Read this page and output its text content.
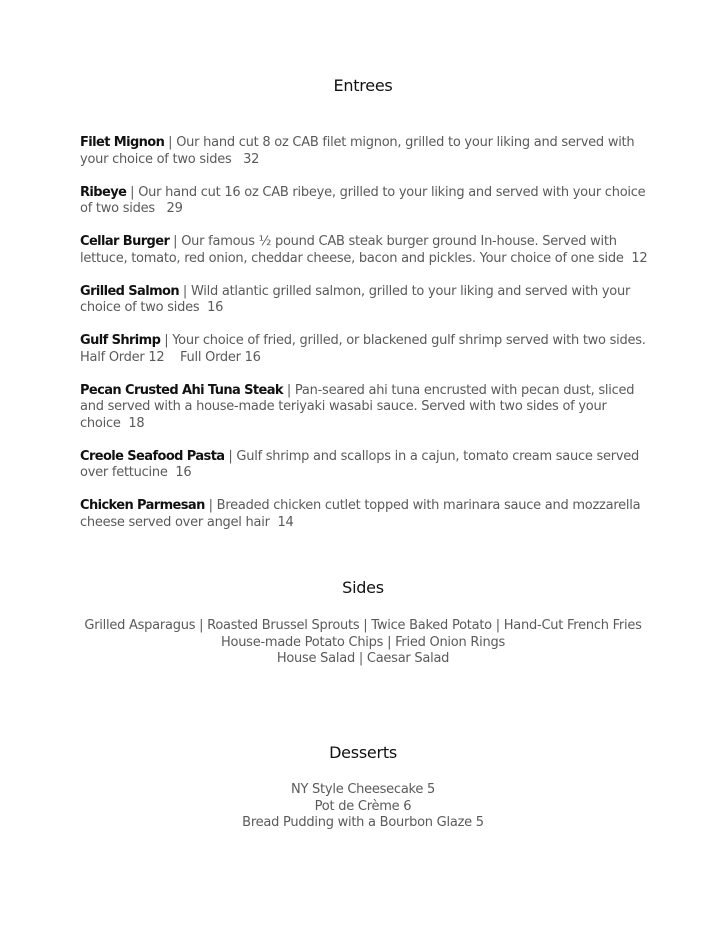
Entrees

Filet Mignon | Our hand cut 8 oz CAB filet mignon, grilled to your liking and served with your choice of two sides 32

Ribeye | Our hand cut 16 oz CAB ribeye, grilled to your liking and served with your choice of two sides 29

Cellar Burger | Our famous ½ pound CAB steak burger ground In-house. Served with lettuce, tomato, red onion, cheddar cheese, bacon and pickles. Your choice of one side 12

Grilled Salmon | Wild atlantic grilled salmon, grilled to your liking and served with your choice of two sides 16

Gulf Shrimp | Your choice of fried, grilled, or blackened gulf shrimp served with two sides. Half Order 12 Full Order 16

Pecan Crusted Ahi Tuna Steak | Pan-seared ahi tuna encrusted with pecan dust, sliced and served with a house-made teriyaki wasabi sauce. Served with two sides of your choice 18

Creole Seafood Pasta | Gulf shrimp and scallops in a cajun, tomato cream sauce served over fettucine 16

Chicken Parmesan | Breaded chicken cutlet topped with marinara sauce and mozzarella cheese served over angel hair 14

Sides
Grilled Asparagus | Roasted Brussel Sprouts | Twice Baked Potato | Hand-Cut French Fries
House-made Potato Chips | Fried Onion Rings
House Salad | Caesar Salad
Desserts
NY Style Cheesecake 5
Pot de Crème 6
Bread Pudding with a Bourbon Glaze 5
